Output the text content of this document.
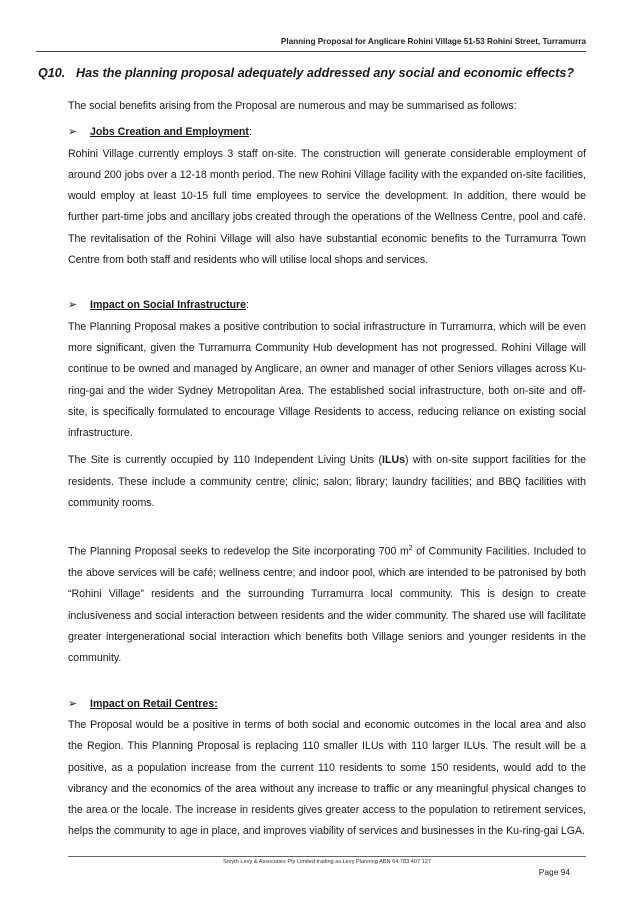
Planning Proposal for Anglicare Rohini Village 51-53 Rohini Street, Turramurra
Q10. Has the planning proposal adequately addressed any social and economic effects?

The social benefits arising from the Proposal are numerous and may be summarised as follows:

➢	Jobs Creation and Employment :

Rohini Village currently employs 3 staff on-site. The construction will generate considerable employment of around 200 jobs over a 12-18 month period. The new Rohini Village facility with the expanded on-site facilities, would employ at least 10-15 full time employees to service the development. In addition, there would be further part-time jobs and ancillary jobs created through the operations of the Wellness Centre, pool and café. The revitalisation of the Rohini Village will also have substantial economic benefits to the Turramurra Town Centre from both staff and residents who will utilise local shops and services.

➢	Impact on Social Infrastructure :

The Planning Proposal makes a positive contribution to social infrastructure in Turramurra, which will be even more significant, given the Turramurra Community Hub development has not progressed. Rohini Village will continue to be owned and managed by Anglicare, an owner and manager of other Seniors villages across Ku-ring-gai and the wider Sydney Metropolitan Area. The established social infrastructure, both on-site and off-site, is specifically formulated to encourage Village Residents to access, reducing reliance on existing social infrastructure.

The Site is currently occupied by 110 Independent Living Units (ILUs) with on-site support facilities for the residents. These include a community centre; clinic; salon; library; laundry facilities; and BBQ facilities with community rooms.

The Planning Proposal seeks to redevelop the Site incorporating 700 $m^2$ of Community Facilities. Included to the above services will be café; wellness centre; and indoor pool, which are intended to be patronised by both “Rohini Village” residents and the surrounding Turramurra local community. This is design to create inclusiveness and social interaction between residents and the wider community. The shared use will facilitate greater intergenerational social interaction which benefits both Village seniors and younger residents in the community.

➢	Impact on Retail Centres:

The Proposal would be a positive in terms of both social and economic outcomes in the local area and also the Region. This Planning Proposal is replacing 110 smaller ILUs with 110 larger ILUs. The result will be a positive, as a population increase from the current 110 residents to some 150 residents, would add to the vibrancy and the economics of the area without any increase to traffic or any meaningful physical changes to the area or the locale. The increase in residents gives greater access to the population to retirement services, helps the community to age in place, and improves viability of services and businesses in the Ku-ring-gai LGA.

Smyth Levy & Associates Pty Limited trading as Levy Planning ABN 64 783 407 127
Page 94
